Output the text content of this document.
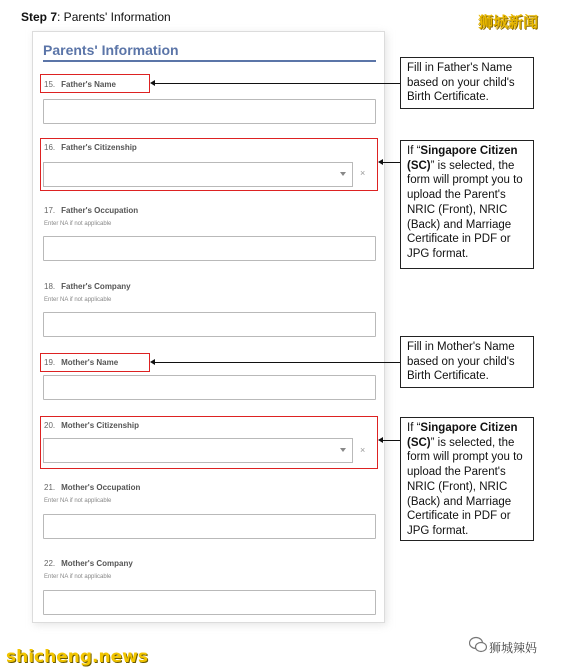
Step 7: Parents' Information	狮城新闻
Parents' Information
15. Father's Name
16. Father's Citizenship
×
17. Father's Occupation
Enter NA if not applicable
18. Father's Company
Enter NA if not applicable
19. Mother's Name
20. Mother's Citizenship
×
21. Mother's Occupation
Enter NA if not applicable
22. Mother's Company
Enter NA if not applicable
Fill in Father's Name based on your child's Birth Certificate.
If “Singapore Citizen (SC)” is selected, the form will prompt you to upload the Parent's NRIC (Front), NRIC (Back) and Marriage Certificate in PDF or JPG format.
Fill in Mother's Name based on your child's Birth Certificate.
If “Singapore Citizen (SC)” is selected, the form will prompt you to upload the Parent's NRIC (Front), NRIC (Back) and Marriage Certificate in PDF or JPG format.
shicheng.news	狮城辣妈
